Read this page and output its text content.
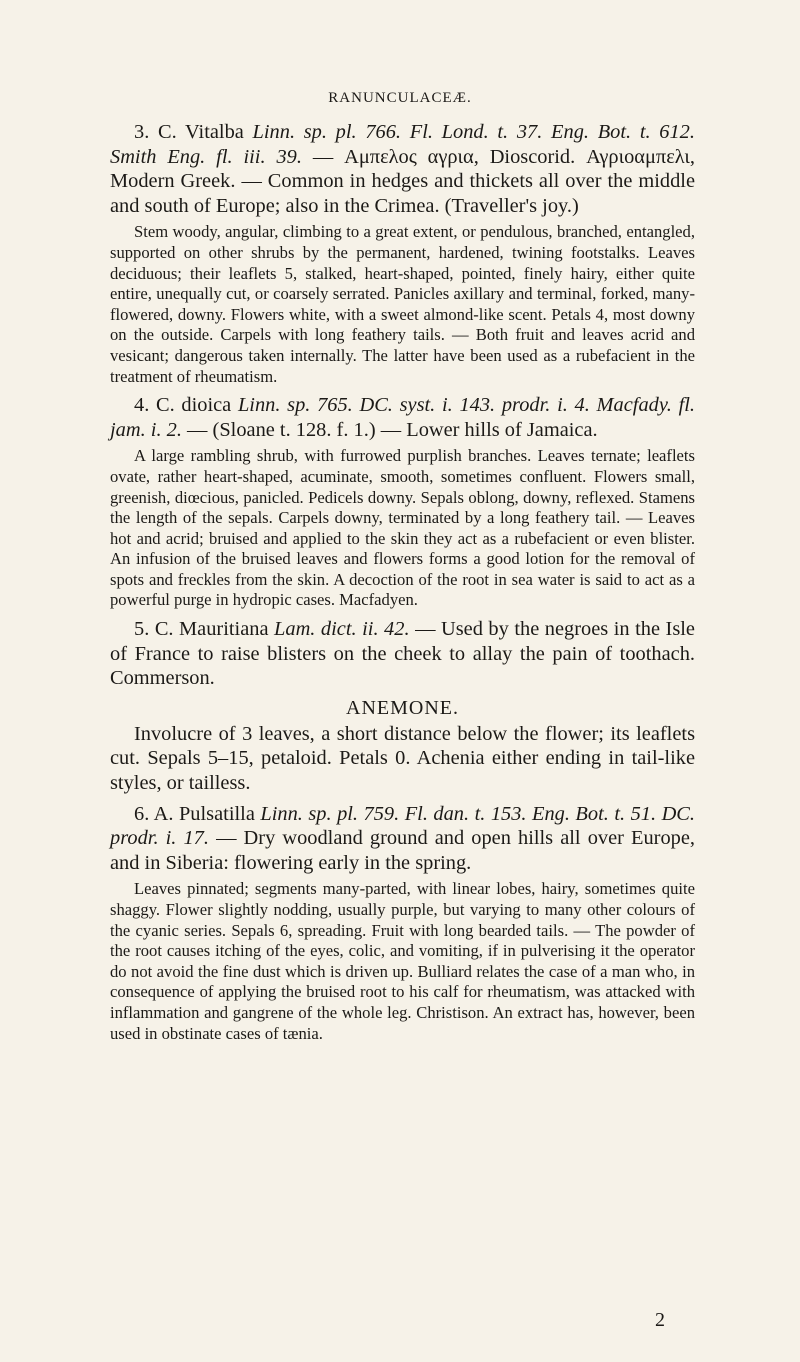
RANUNCULACEÆ.

3. C. Vitalba Linn. sp. pl. 766. Fl. Lond. t. 37. Eng. Bot. t. 612. Smith Eng. fl. iii. 39. — Αμπελος αγρια, Dioscorid. Αγριοαμπελι, Modern Greek. — Common in hedges and thickets all over the middle and south of Europe; also in the Crimea. (Traveller's joy.)

Stem woody, angular, climbing to a great extent, or pendulous, branched, entangled, supported on other shrubs by the permanent, hardened, twining footstalks. Leaves deciduous; their leaflets 5, stalked, heart-shaped, pointed, finely hairy, either quite entire, unequally cut, or coarsely serrated. Panicles axillary and terminal, forked, many-flowered, downy. Flowers white, with a sweet almond-like scent. Petals 4, most downy on the outside. Carpels with long feathery tails. — Both fruit and leaves acrid and vesicant; dangerous taken internally. The latter have been used as a rubefacient in the treatment of rheumatism.

4. C. dioica Linn. sp. 765. DC. syst. i. 143. prodr. i. 4. Macfady. fl. jam. i. 2. — (Sloane t. 128. f. 1.) — Lower hills of Jamaica.

A large rambling shrub, with furrowed purplish branches. Leaves ternate; leaflets ovate, rather heart-shaped, acuminate, smooth, sometimes confluent. Flowers small, greenish, diœcious, panicled. Pedicels downy. Sepals oblong, downy, reflexed. Stamens the length of the sepals. Carpels downy, terminated by a long feathery tail. — Leaves hot and acrid; bruised and applied to the skin they act as a rubefacient or even blister. An infusion of the bruised leaves and flowers forms a good lotion for the removal of spots and freckles from the skin. A decoction of the root in sea water is said to act as a powerful purge in hydropic cases. Macfadyen.

5. C. Mauritiana Lam. dict. ii. 42. — Used by the negroes in the Isle of France to raise blisters on the cheek to allay the pain of toothach. Commerson.

ANEMONE.

Involucre of 3 leaves, a short distance below the flower; its leaflets cut. Sepals 5–15, petaloid. Petals 0. Achenia either ending in tail-like styles, or tailless.

6. A. Pulsatilla Linn. sp. pl. 759. Fl. dan. t. 153. Eng. Bot. t. 51. DC. prodr. i. 17. — Dry woodland ground and open hills all over Europe, and in Siberia: flowering early in the spring.

Leaves pinnated; segments many-parted, with linear lobes, hairy, sometimes quite shaggy. Flower slightly nodding, usually purple, but varying to many other colours of the cyanic series. Sepals 6, spreading. Fruit with long bearded tails. — The powder of the root causes itching of the eyes, colic, and vomiting, if in pulverising it the operator do not avoid the fine dust which is driven up. Bulliard relates the case of a man who, in consequence of applying the bruised root to his calf for rheumatism, was attacked with inflammation and gangrene of the whole leg. Christison. An extract has, however, been used in obstinate cases of tænia.

2
